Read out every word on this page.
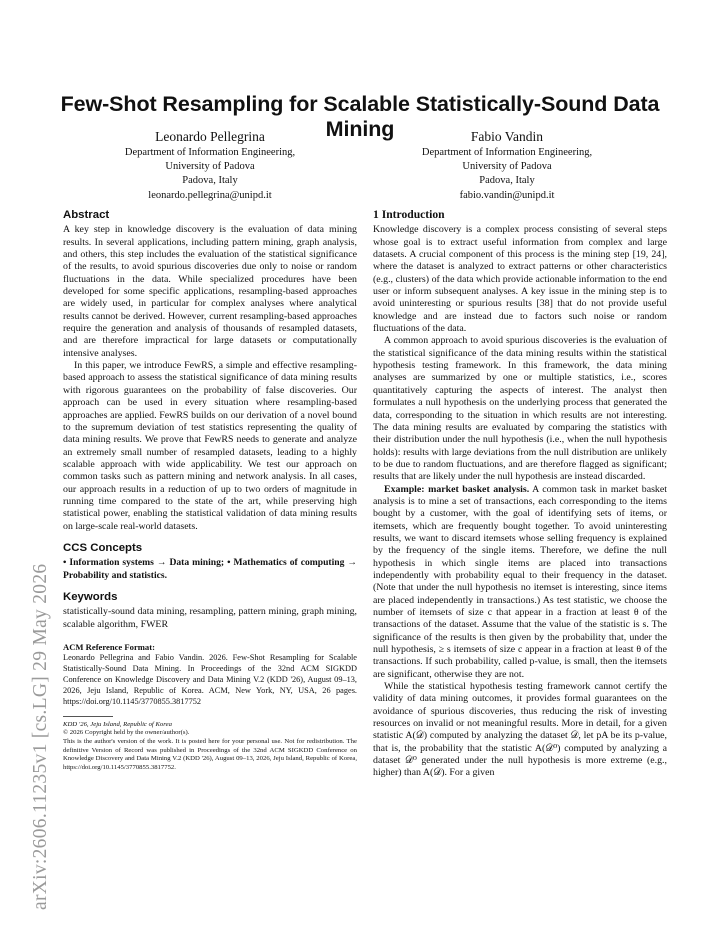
arXiv:2606.11235v1 [cs.LG] 29 May 2026
Few-Shot Resampling for Scalable Statistically-Sound Data Mining
Leonardo Pellegrina
Department of Information Engineering,
University of Padova
Padova, Italy
leonardo.pellegrina@unipd.it
Fabio Vandin
Department of Information Engineering,
University of Padova
Padova, Italy
fabio.vandin@unipd.it
Abstract

A key step in knowledge discovery is the evaluation of data mining results. In several applications, including pattern mining, graph analysis, and others, this step includes the evaluation of the statistical significance of the results, to avoid spurious discoveries due only to noise or random fluctuations in the data. While specialized procedures have been developed for some specific applications, resampling-based approaches are widely used, in particular for complex analyses where analytical results cannot be derived. However, current resampling-based approaches require the generation and analysis of thousands of resampled datasets, and are therefore impractical for large datasets or computationally intensive analyses.

In this paper, we introduce FewRS, a simple and effective resampling-based approach to assess the statistical significance of data mining results with rigorous guarantees on the probability of false discoveries. Our approach can be used in every situation where resampling-based approaches are applied. FewRS builds on our derivation of a novel bound to the supremum deviation of test statistics representing the quality of data mining results. We prove that FewRS needs to generate and analyze an extremely small number of resampled datasets, leading to a highly scalable approach with wide applicability. We test our approach on common tasks such as pattern mining and network analysis. In all cases, our approach results in a reduction of up to two orders of magnitude in running time compared to the state of the art, while preserving high statistical power, enabling the statistical validation of data mining results on large-scale real-world datasets.

CCS Concepts

• Information systems → Data mining; • Mathematics of computing → Probability and statistics.

Keywords

statistically-sound data mining, resampling, pattern mining, graph mining, scalable algorithm, FWER

ACM Reference Format:

Leonardo Pellegrina and Fabio Vandin. 2026. Few-Shot Resampling for Scalable Statistically-Sound Data Mining. In Proceedings of the 32nd ACM SIGKDD Conference on Knowledge Discovery and Data Mining V.2 (KDD '26), August 09–13, 2026, Jeju Island, Republic of Korea. ACM, New York, NY, USA, 26 pages. https://doi.org/10.1145/3770855.3817752

KDD '26, Jeju Island, Republic of Korea
© 2026 Copyright held by the owner/author(s).
This is the author's version of the work. It is posted here for your personal use. Not for redistribution. The definitive Version of Record was published in Proceedings of the 32nd ACM SIGKDD Conference on Knowledge Discovery and Data Mining V.2 (KDD '26), August 09–13, 2026, Jeju Island, Republic of Korea, https://doi.org/10.1145/3770855.3817752.
1 Introduction

Knowledge discovery is a complex process consisting of several steps whose goal is to extract useful information from complex and large datasets. A crucial component of this process is the mining step [19, 24], where the dataset is analyzed to extract patterns or other characteristics (e.g., clusters) of the data which provide actionable information to the end user or inform subsequent analyses. A key issue in the mining step is to avoid uninteresting or spurious results [38] that do not provide useful knowledge and are instead due to factors such noise or random fluctuations of the data.

A common approach to avoid spurious discoveries is the evaluation of the statistical significance of the data mining results within the statistical hypothesis testing framework. In this framework, the data mining analyses are summarized by one or multiple statistics, i.e., scores quantitatively capturing the aspects of interest. The analyst then formulates a null hypothesis on the underlying process that generated the data, corresponding to the situation in which results are not interesting. The data mining results are evaluated by comparing the statistics with their distribution under the null hypothesis (i.e., when the null hypothesis holds): results with large deviations from the null distribution are unlikely to be due to random fluctuations, and are therefore flagged as significant; results that are likely under the null hypothesis are instead discarded.

Example: market basket analysis. A common task in market basket analysis is to mine a set of transactions, each corresponding to the items bought by a customer, with the goal of identifying sets of items, or itemsets, which are frequently bought together. To avoid uninteresting results, we want to discard itemsets whose selling frequency is explained by the frequency of the single items. Therefore, we define the null hypothesis in which single items are placed into transactions independently with probability equal to their frequency in the dataset. (Note that under the null hypothesis no itemset is interesting, since items are placed independently in transactions.) As test statistic, we choose the number of itemsets of size c that appear in a fraction at least θ of the transactions of the dataset. Assume that the value of the statistic is s. The significance of the results is then given by the probability that, under the null hypothesis, ≥ s itemsets of size c appear in a fraction at least θ of the transactions. If such probability, called p-value, is small, then the itemsets are significant, otherwise they are not.

While the statistical hypothesis testing framework cannot certify the validity of data mining outcomes, it provides formal guarantees on the avoidance of spurious discoveries, thus reducing the risk of investing resources on invalid or not meaningful results. More in detail, for a given statistic A(𝒟) computed by analyzing the dataset 𝒟, let pA be its p-value, that is, the probability that the statistic A(𝒟⁰) computed by analyzing a dataset 𝒟⁰ generated under the null hypothesis is more extreme (e.g., higher) than A(𝒟). For a given
